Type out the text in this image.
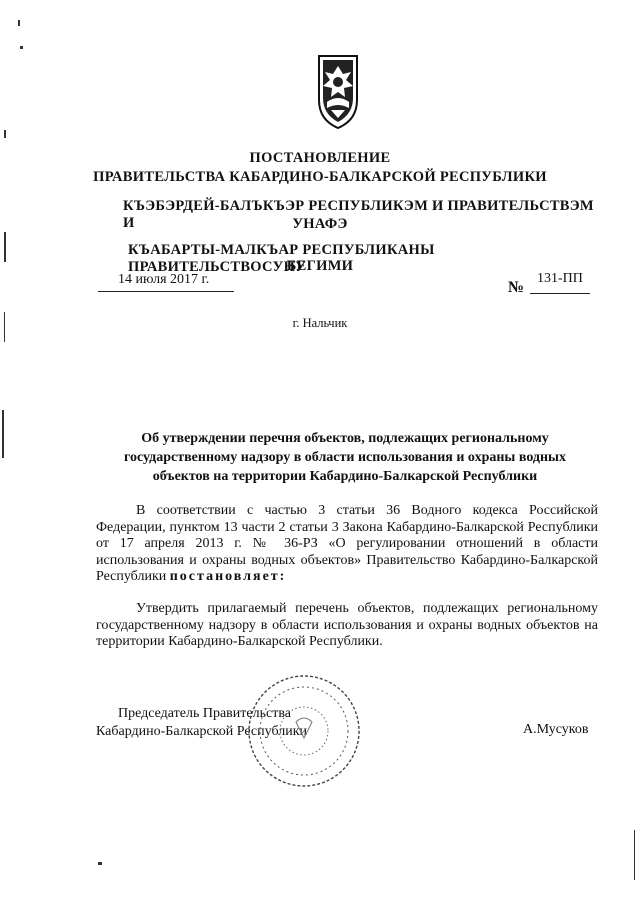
ПОСТАНОВЛЕНИЕ
ПРАВИТЕЛЬСТВА КАБАРДИНО-БАЛКАРСКОЙ РЕСПУБЛИКИ
КЪЭБЭРДЕЙ-БАЛЪКЪЭР РЕСПУБЛИКЭМ И ПРАВИТЕЛЬСТВЭМ И	УНАФЭ
КЪАБАРТЫ-МАЛКЪАР РЕСПУБЛИКАНЫ ПРАВИТЕЛЬСТВОСУНУ
БЕГИМИ
14 июля 2017 г.	№
131-ПП
г. Нальчик
Об утверждении перечня объектов, подлежащих региональному
государственному надзору в области использования и охраны водных
объектов на территории Кабардино-Балкарской Республики
В соответствии с частью 3 статьи 36 Водного кодекса Российской Федерации, пунктом 13 части 2 статьи 3 Закона Кабардино-Балкарской Республики от 17 апреля 2013 г. № 36-РЗ «О регулировании отношений в области использования и охраны водных объектов» Правительство Кабардино-Балкарской Республики постановляет:
Утвердить прилагаемый перечень объектов, подлежащих региональному государственному надзору в области использования и охраны водных объектов на территории Кабардино-Балкарской Республики.
Председатель Правительства
Кабардино-Балкарской Республики	А.Мусуков
